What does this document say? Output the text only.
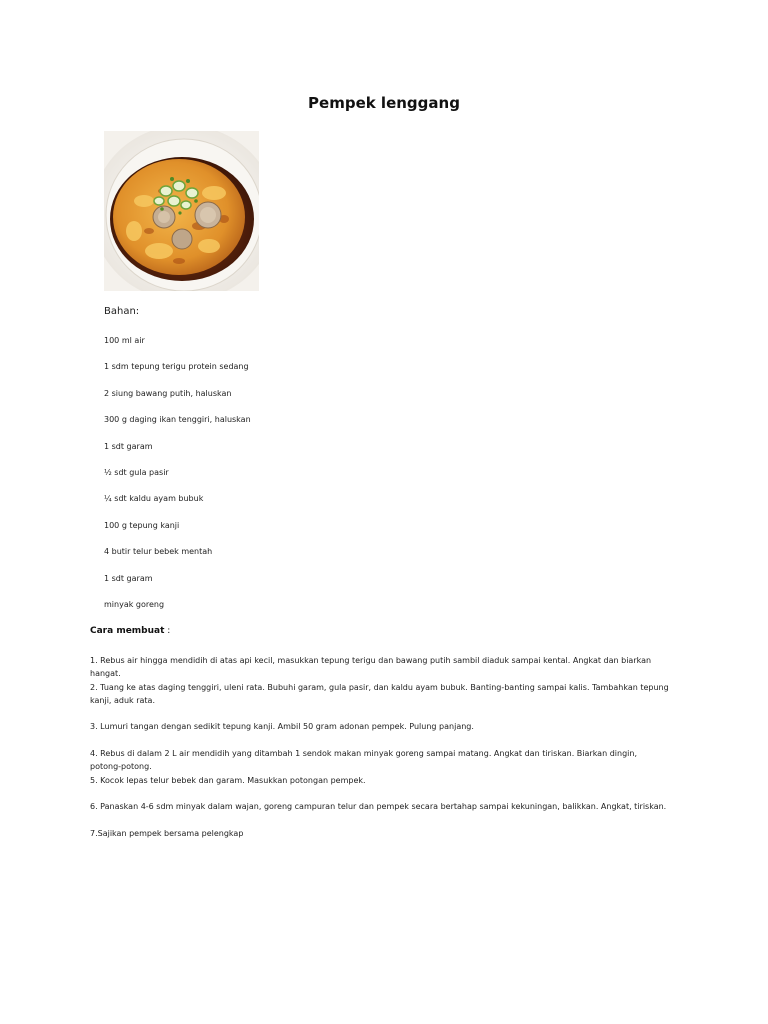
Pempek lenggang
Bahan:
100 ml air
1 sdm tepung terigu protein sedang
2 siung bawang putih, haluskan
300 g daging ikan tenggiri, haluskan
1 sdt garam
½ sdt gula pasir
¼ sdt kaldu ayam bubuk
100 g tepung kanji
4 butir telur bebek mentah
1 sdt garam
minyak goreng
Cara membuat :
1. Rebus air hingga mendidih di atas api kecil, masukkan tepung terigu dan bawang putih sambil diaduk sampai kental. Angkat dan biarkan hangat.
2. Tuang ke atas daging tenggiri, uleni rata. Bubuhi garam, gula pasir, dan kaldu ayam bubuk. Banting-banting sampai kalis. Tambahkan tepung kanji, aduk rata.
3. Lumuri tangan dengan sedikit tepung kanji. Ambil 50 gram adonan pempek. Pulung panjang.
4. Rebus di dalam 2 L air mendidih yang ditambah 1 sendok makan minyak goreng sampai matang. Angkat dan tiriskan. Biarkan dingin, potong-potong.
5. Kocok lepas telur bebek dan garam. Masukkan potongan pempek.
6. Panaskan 4-6 sdm minyak dalam wajan, goreng campuran telur dan pempek secara bertahap sampai kekuningan, balikkan. Angkat, tiriskan.
7.Sajikan pempek bersama pelengkap
